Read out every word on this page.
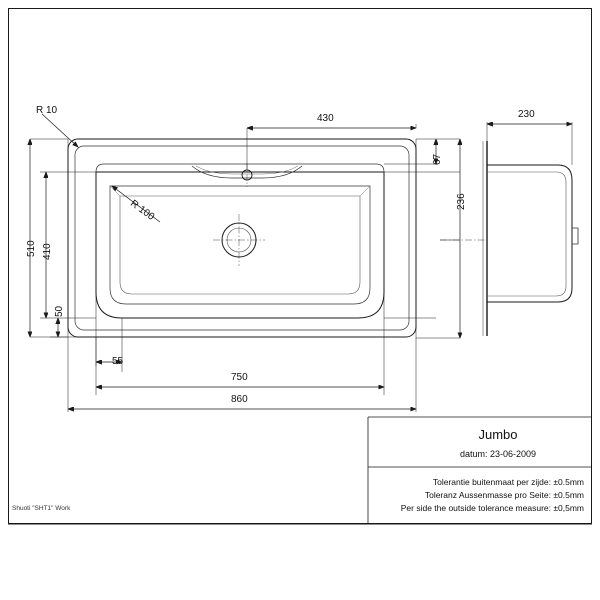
R 10
R 100
430	230
67
236
510 410
50
55
750
860
Jumbo
datum: 23-06-2009
Tolerantie buitenmaat per zijde: ±0.5mm
Toleranz Aussenmasse pro Seite: ±0.5mm
Per side the outside tolerance measure: ±0,5mm
Shuoti "SHT1" Work
